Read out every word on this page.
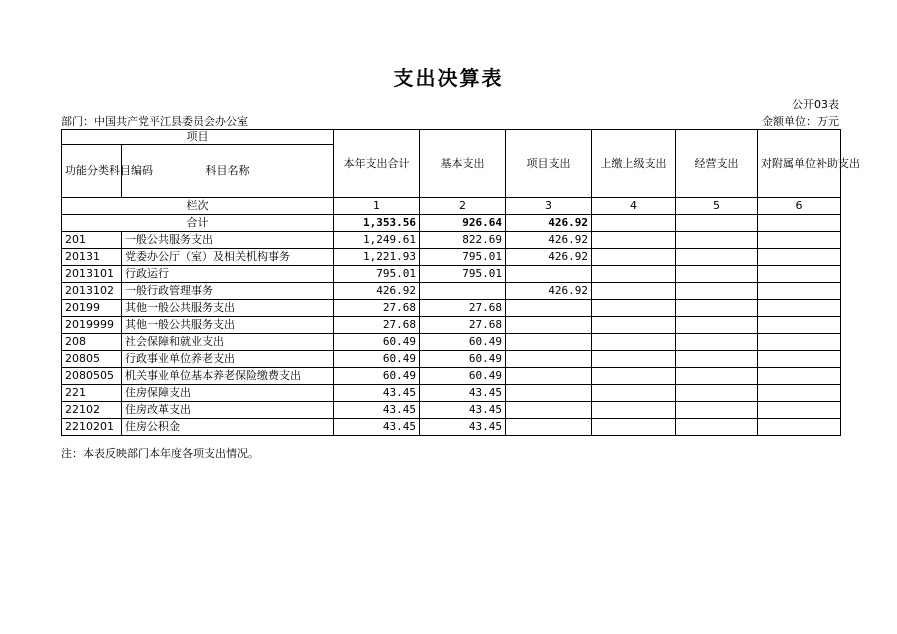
支出决算表
公开03表
部门：中国共产党平江县委员会办公室	金额单位：万元
项目		本年支出合计	基本支出	项目支出	上缴上级支出	经营支出	对附属单位补助支出
功能分类科目编码	科目名称						
栏次		1	2	3	4	5	6
合计		1,353.56	926.64	426.92			
201	一般公共服务支出	1,249.61	822.69	426.92			
20131	党委办公厅（室）及相关机构事务	1,221.93	795.01	426.92			
2013101	行政运行	795.01	795.01				
2013102	一般行政管理事务	426.92		426.92			
20199	其他一般公共服务支出	27.68	27.68				
2019999	其他一般公共服务支出	27.68	27.68				
208	社会保障和就业支出	60.49	60.49				
20805	行政事业单位养老支出	60.49	60.49				
2080505	机关事业单位基本养老保险缴费支出	60.49	60.49				
221	住房保障支出	43.45	43.45				
22102	住房改革支出	43.45	43.45				
2210201	住房公积金	43.45	43.45				
注：本表反映部门本年度各项支出情况。
